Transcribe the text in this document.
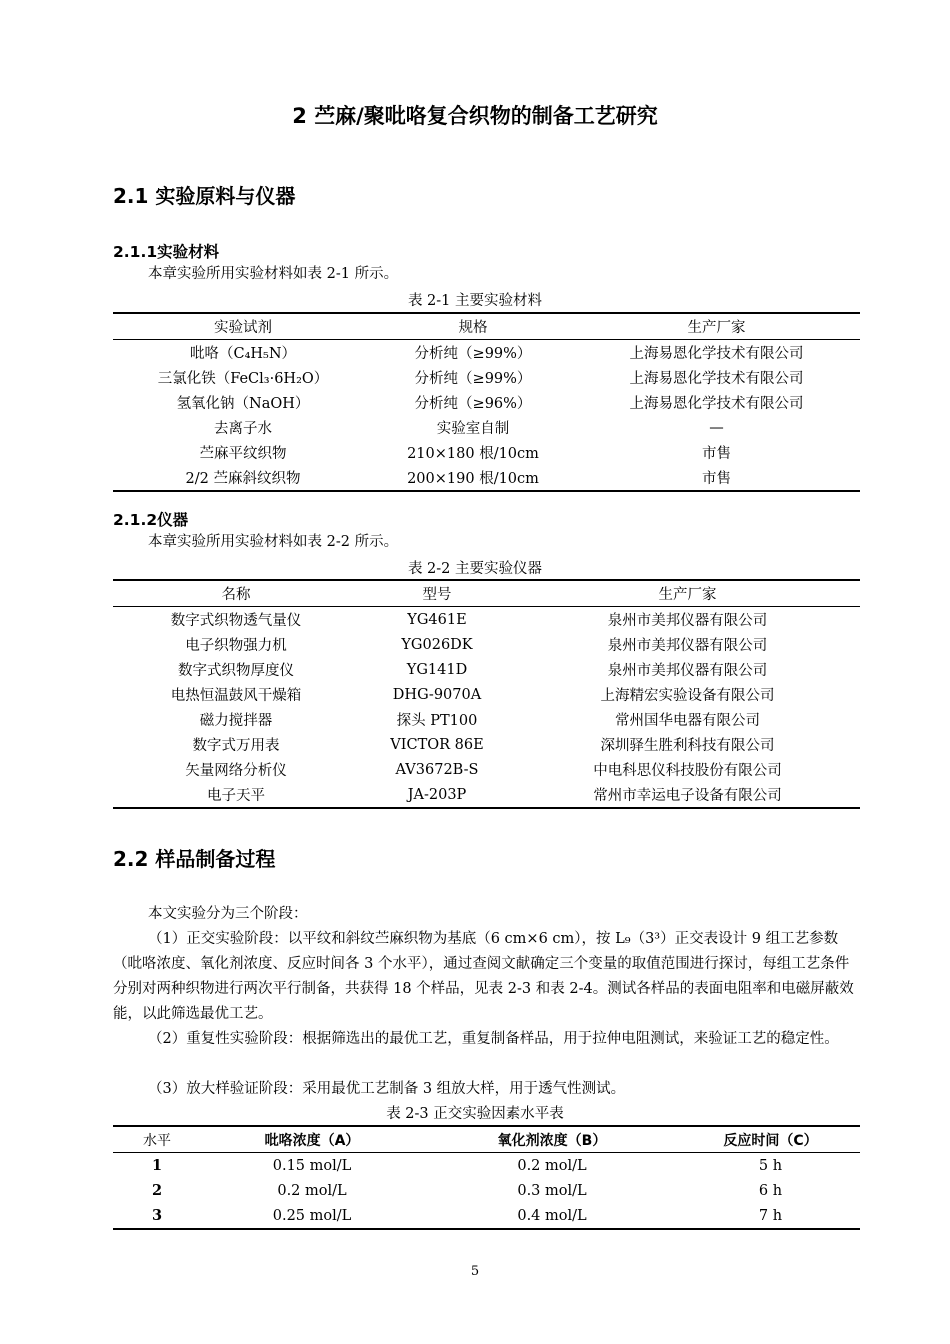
2 苎麻/聚吡咯复合织物的制备工艺研究
2.1 实验原料与仪器
2.1.1实验材料
本章实验所用实验材料如表 2-1 所示。
表 2-1 主要实验材料
实验试剂	规格	生产厂家
吡咯（C₄H₅N）	分析纯（≥99%）	上海易恩化学技术有限公司
三氯化铁（FeCl₃·6H₂O）	分析纯（≥99%）	上海易恩化学技术有限公司
氢氧化钠（NaOH）	分析纯（≥96%）	上海易恩化学技术有限公司
去离子水	实验室自制	—
苎麻平纹织物	210×180 根/10cm	市售
2/2 苎麻斜纹织物	200×190 根/10cm	市售
2.1.2仪器
本章实验所用实验材料如表 2-2 所示。
表 2-2 主要实验仪器
名称	型号	生产厂家
数字式织物透气量仪	YG461E	泉州市美邦仪器有限公司
电子织物强力机	YG026DK	泉州市美邦仪器有限公司
数字式织物厚度仪	YG141D	泉州市美邦仪器有限公司
电热恒温鼓风干燥箱	DHG-9070A	上海精宏实验设备有限公司
磁力搅拌器	探头 PT100	常州国华电器有限公司
数字式万用表	VICTOR 86E	深圳驿生胜利科技有限公司
矢量网络分析仪	AV3672B-S	中电科思仪科技股份有限公司
电子天平	JA-203P	常州市幸运电子设备有限公司
2.2 样品制备过程
本文实验分为三个阶段：
（1）正交实验阶段：以平纹和斜纹苎麻织物为基底（6 cm×6 cm），按 L₉（3³）正交表设计 9 组工艺参数（吡咯浓度、氧化剂浓度、反应时间各 3 个水平），通过查阅文献确定三个变量的取值范围进行探讨，每组工艺条件分别对两种织物进行两次平行制备，共获得 18 个样品，见表 2-3 和表 2-4。测试各样品的表面电阻率和电磁屏蔽效能，以此筛选最优工艺。
（2）重复性实验阶段：根据筛选出的最优工艺，重复制备样品，用于拉伸电阻测试，来验证工艺的稳定性。
（3）放大样验证阶段：采用最优工艺制备 3 组放大样，用于透气性测试。
表 2-3 正交实验因素水平表
水平	吡咯浓度（A）	氧化剂浓度（B）	反应时间（C）
1	0.15 mol/L	0.2 mol/L	5 h
2	0.2 mol/L	0.3 mol/L	6 h
3	0.25 mol/L	0.4 mol/L	7 h
5
